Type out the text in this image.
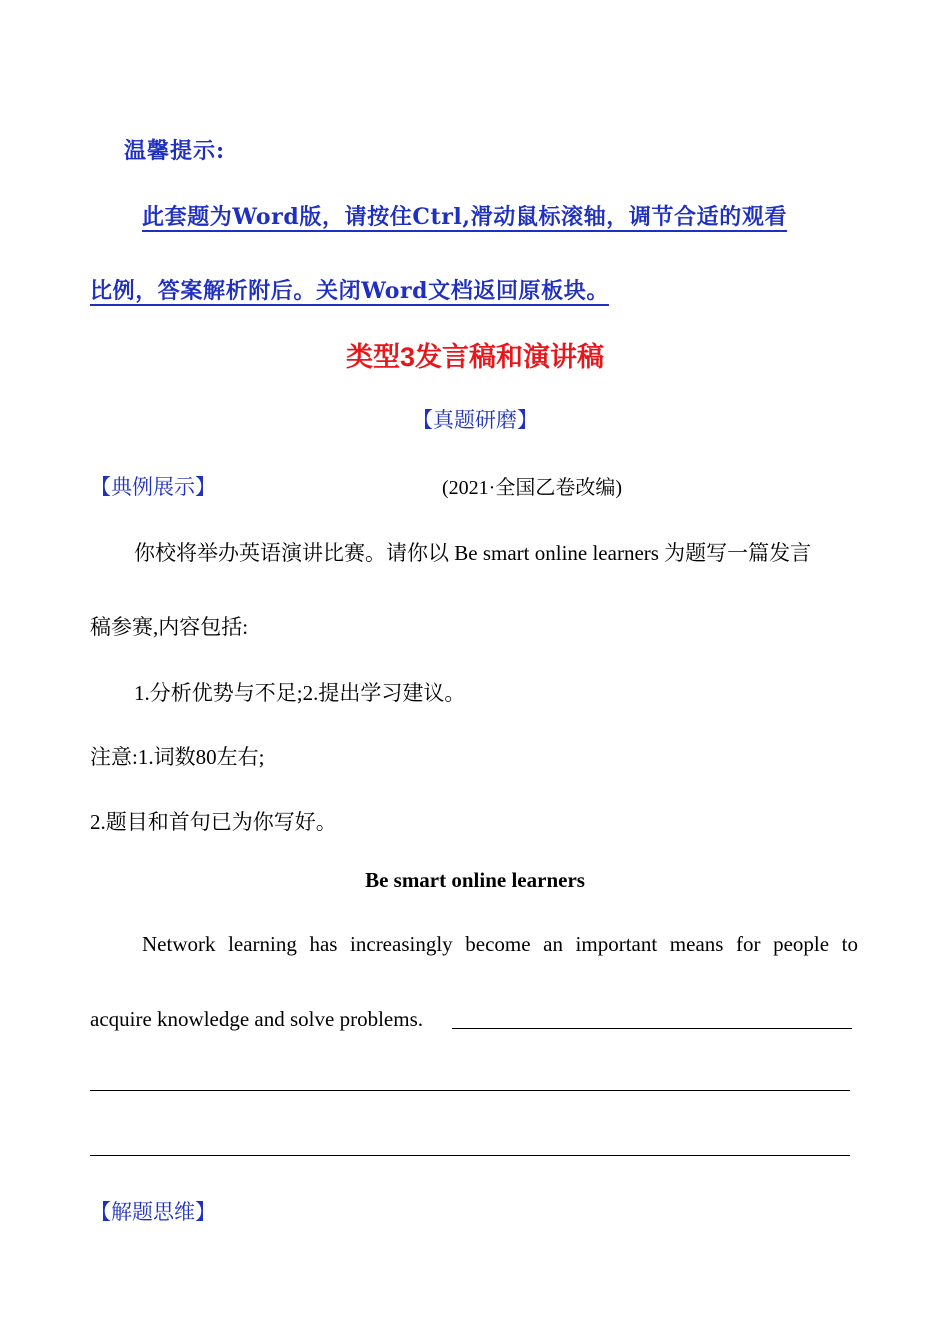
温馨提示:
此套题为Word版，请按住Ctrl,滑动鼠标滚轴，调节合适的观看
比例，答案解析附后。关闭Word文档返回原板块。
类型3发言稿和演讲稿
【真题研磨】
【典例展示】	(2021·全国乙卷改编)
你校将举办英语演讲比赛。请你以 Be smart online learners 为题写一篇发言
稿参赛,内容包括:
1.分析优势与不足;2.提出学习建议。
注意:1.词数80左右;
2.题目和首句已为你写好。
Be smart online learners
Network learning has increasingly become an important means for people to
acquire knowledge and solve problems.
【解题思维】
